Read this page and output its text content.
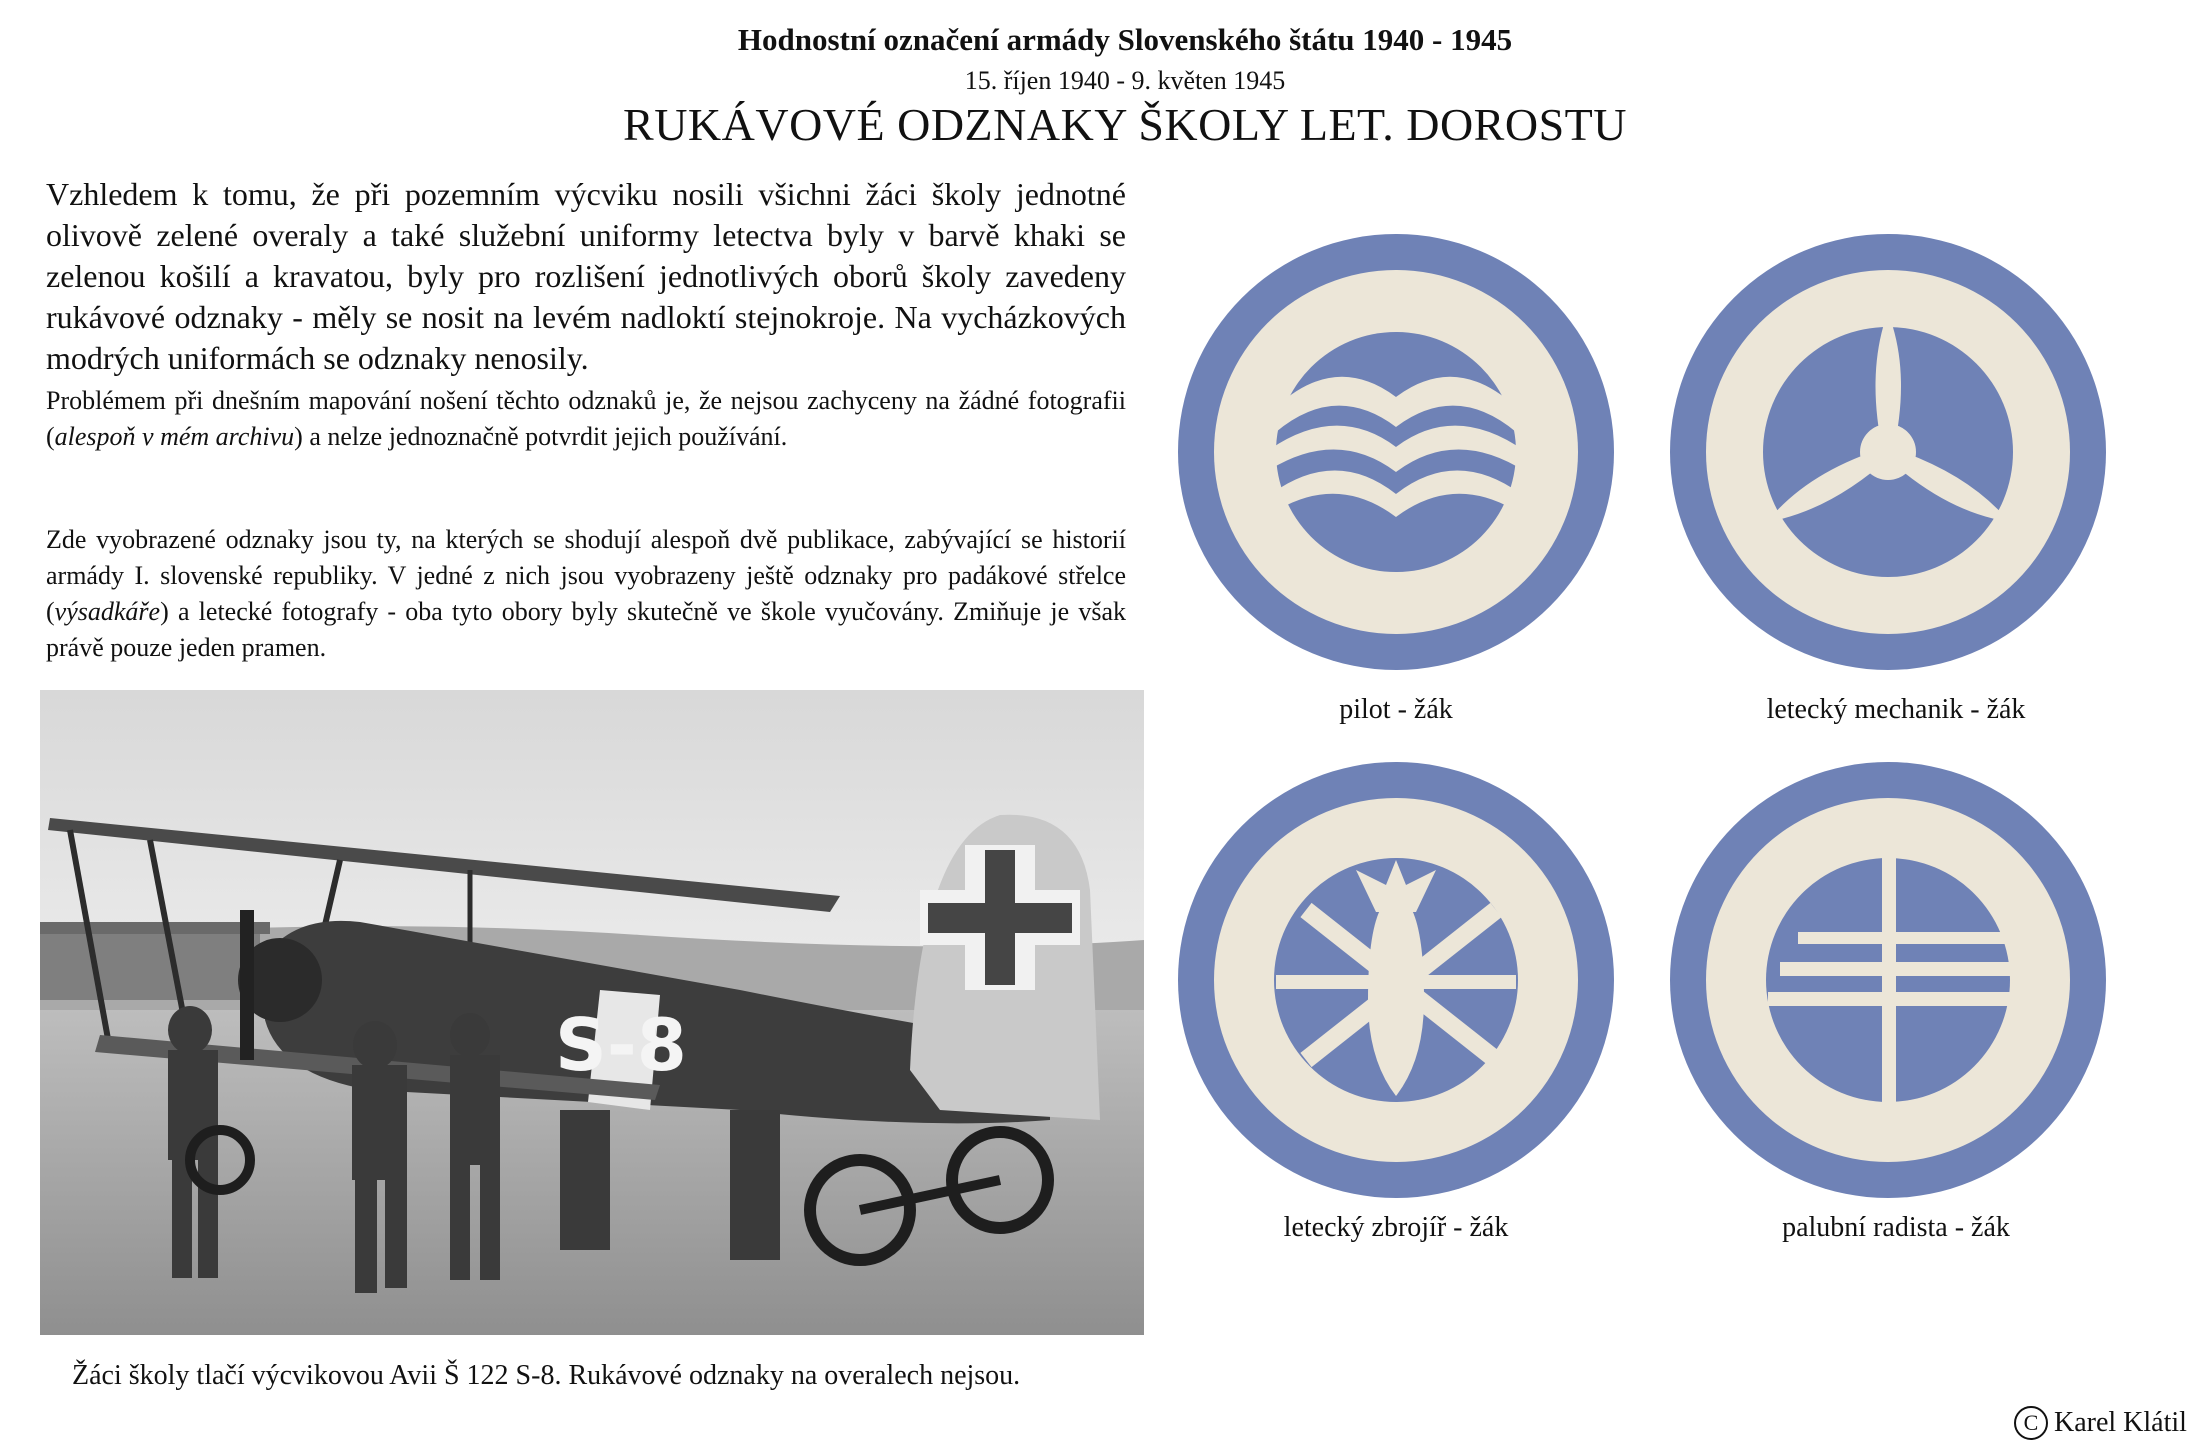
Hodnostní označení armády Slovenského štátu 1940 - 1945
15. říjen 1940 - 9. květen 1945
RUKÁVOVÉ ODZNAKY ŠKOLY LET. DOROSTU
Vzhledem k tomu, že při pozemním výcviku nosili všichni žáci školy jednotné olivově zelené overaly a také služební uniformy letectva byly v barvě khaki se zelenou košilí a kravatou, byly pro rozlišení jednotlivých oborů školy zavedeny rukávové odznaky - měly se nosit na levém nadloktí stejnokroje. Na vycházkových modrých uniformách se odznaky nenosily.
Problémem při dnešním mapování nošení těchto odznaků je, že nejsou zachyceny na žádné fotografii (alespoň v mém archivu) a nelze jednoznačně potvrdit jejich používání.
Zde vyobrazené odznaky jsou ty, na kterých se shodují alespoň dvě publikace, zabývající se historií armády I. slovenské republiky. V jedné z nich jsou vyobrazeny ještě odznaky pro padákové střelce (výsadkáře) a letecké fotografy - oba tyto obory byly skutečně ve škole vyučovány. Zmiňuje je však právě pouze jeden pramen.
S-8
Žáci školy tlačí výcvikovou Avii Š 122 S-8. Rukávové odznaky na overalech nejsou.
pilot - žák	letecký mechanik - žák
letecký zbrojíř - žák	palubní radista - žák
C Karel Klátil
